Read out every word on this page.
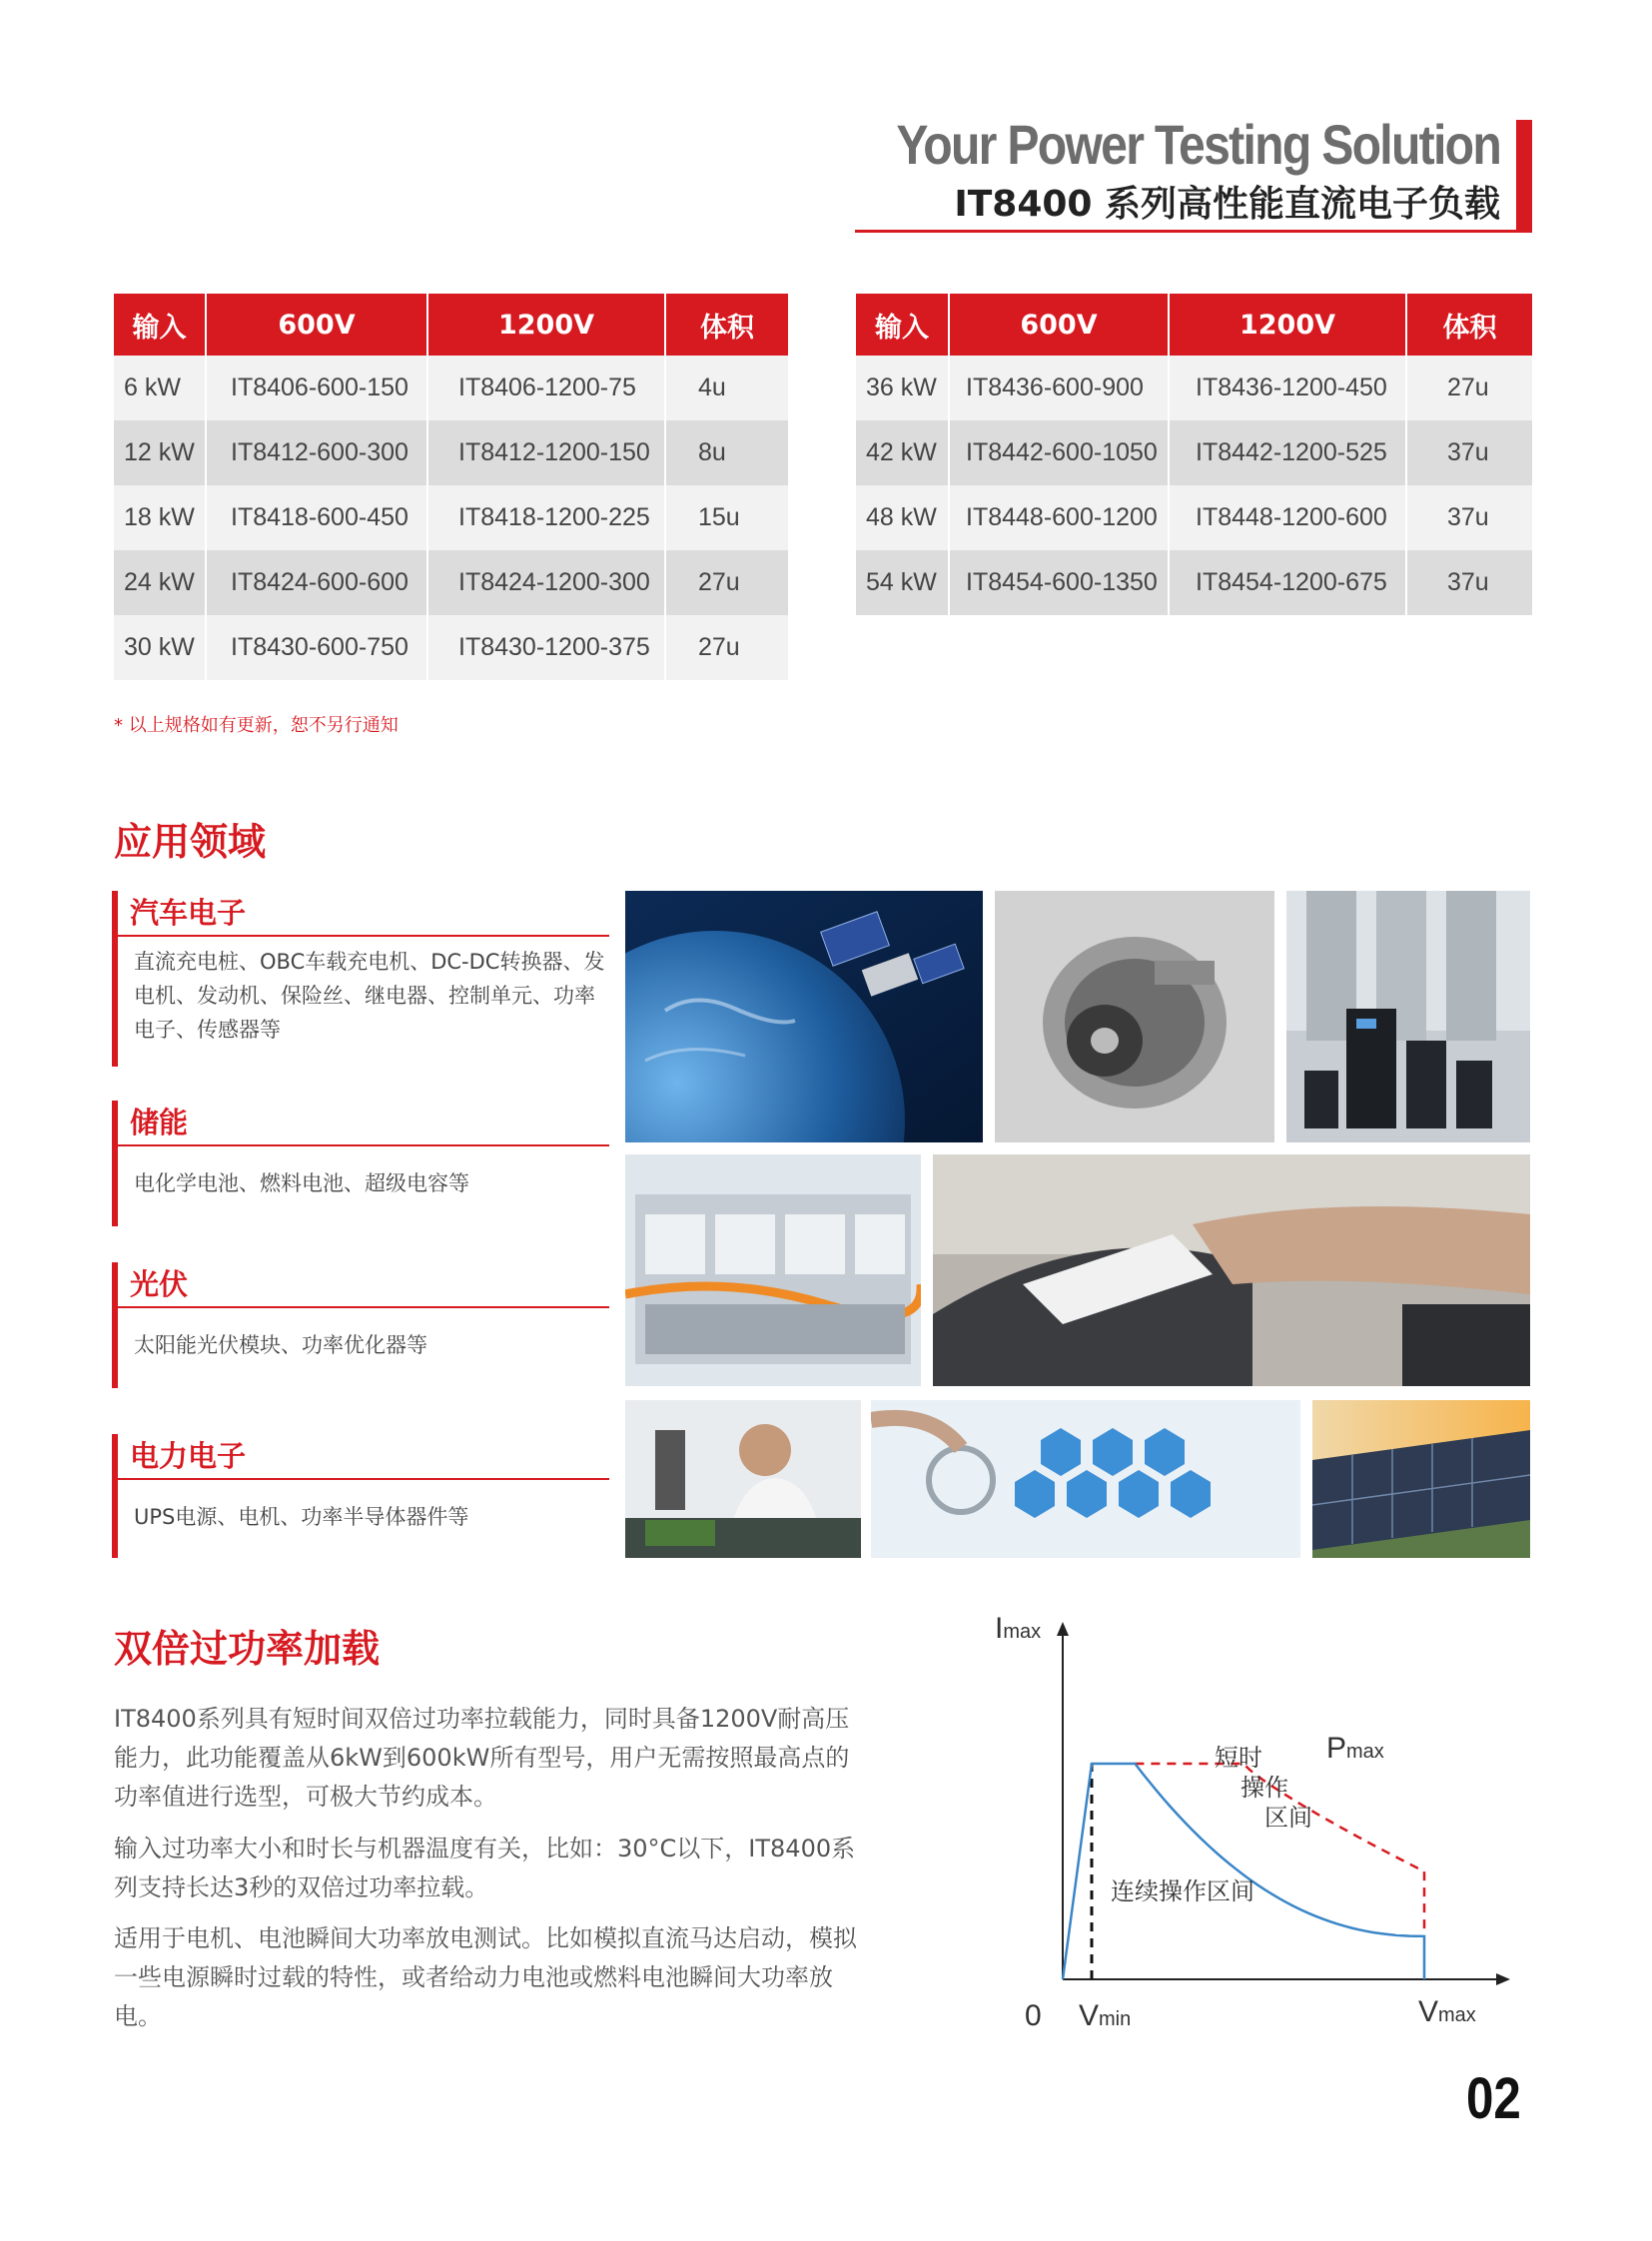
Your Power Testing Solution
IT8400 系列高性能直流电子负载
输入	600V	1200V	体积
6 kW	IT8406-600-150	IT8406-1200-75	4u
12 kW	IT8412-600-300	IT8412-1200-150	8u
18 kW	IT8418-600-450	IT8418-1200-225	15u
24 kW	IT8424-600-600	IT8424-1200-300	27u
30 kW	IT8430-600-750	IT8430-1200-375	27u
输入	600V	1200V	体积
36 kW	IT8436-600-900	IT8436-1200-450	27u
42 kW	IT8442-600-1050	IT8442-1200-525	37u
48 kW	IT8448-600-1200	IT8448-1200-600	37u
54 kW	IT8454-600-1350	IT8454-1200-675	37u
* 以上规格如有更新，恕不另行通知
应用领域
汽车电子
直流充电桩、OBC车载充电机、DC-DC转换器、发电机、发动机、保险丝、继电器、控制单元、功率电子、传感器等
储能
电化学电池、燃料电池、超级电容等
光伏
太阳能光伏模块、功率优化器等
电力电子
UPS电源、电机、功率半导体器件等
双倍过功率加载
IT8400系列具有短时间双倍过功率拉载能力，同时具备1200V耐高压能力，此功能覆盖从6kW到600kW所有型号，用户无需按照最高点的功率值进行选型，可极大节约成本。
输入过功率大小和时长与机器温度有关，比如：30°C以下，IT8400系列支持长达3秒的双倍过功率拉载。
适用于电机、电池瞬间大功率放电测试。比如模拟直流马达启动，模拟一些电源瞬时过载的特性，或者给动力电池或燃料电池瞬间大功率放电。
Imax
Pmax
0 Vmin	Vmax
短时
操作
区间
连续操作区间
02
